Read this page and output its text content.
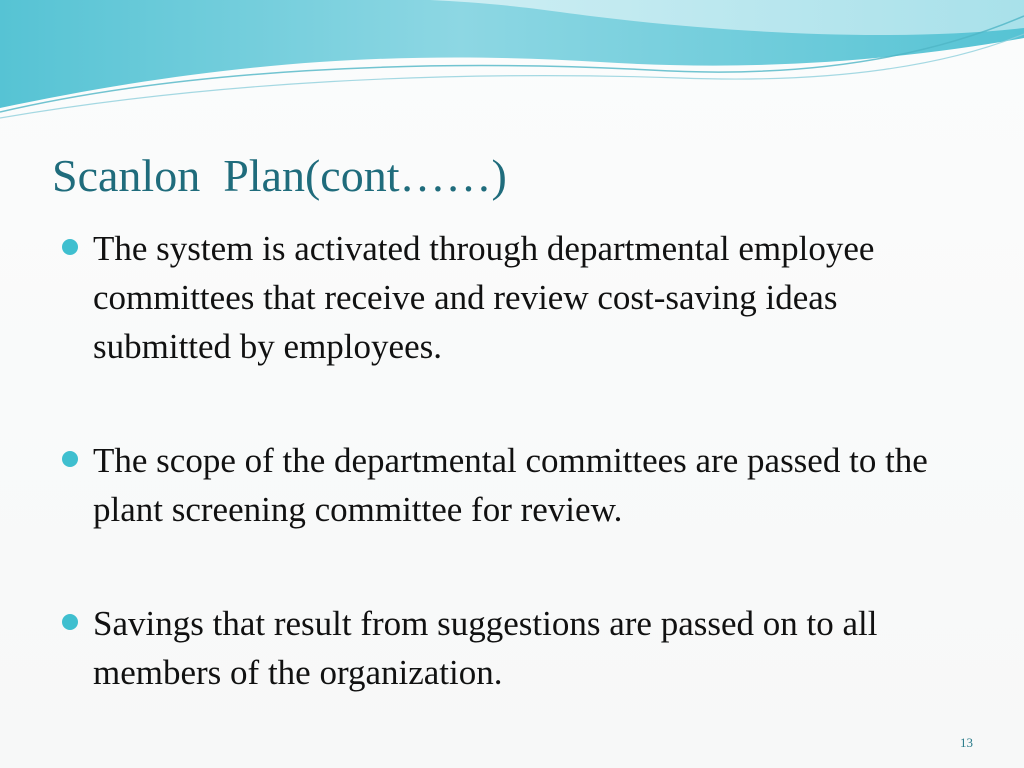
Scanlon  Plan(cont……)
The system is activated through departmental employee committees that receive and review cost-saving ideas submitted by employees.
The scope of the departmental committees are passed to the plant screening committee for review.
Savings that result from suggestions are passed on to all members of the organization.
13
